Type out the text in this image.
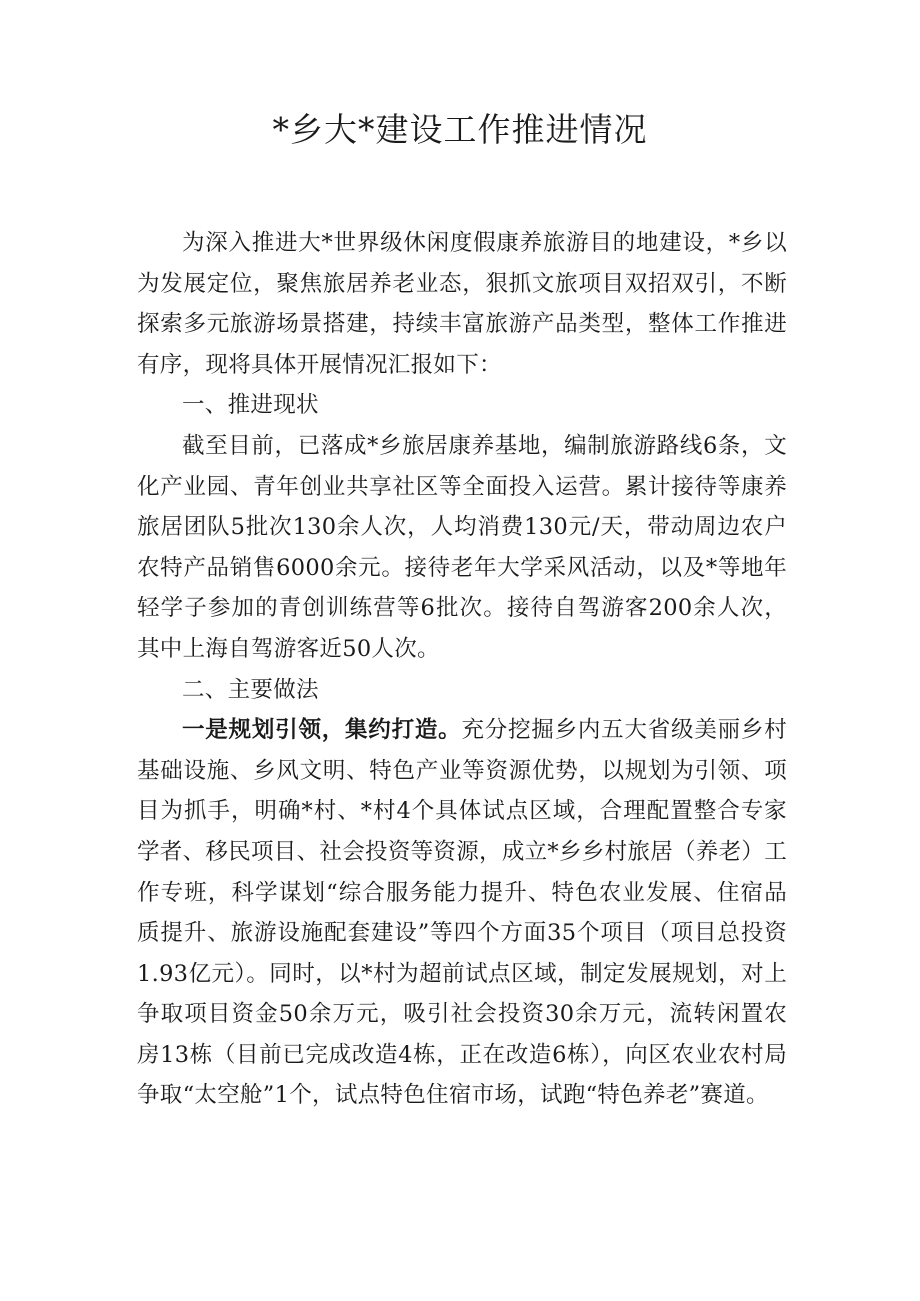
*乡大*建设工作推进情况

为深入推进大*世界级休闲度假康养旅游目的地建设，*乡以为发展定位，聚焦旅居养老业态，狠抓文旅项目双招双引，不断探索多元旅游场景搭建，持续丰富旅游产品类型，整体工作推进有序，现将具体开展情况汇报如下：

一、推进现状

截至目前，已落成*乡旅居康养基地，编制旅游路线6条，文化产业园、青年创业共享社区等全面投入运营。累计接待等康养旅居团队5批次130余人次，人均消费130元/天，带动周边农户农特产品销售6000余元。接待老年大学采风活动，以及*等地年轻学子参加的青创训练营等6批次。接待自驾游客200余人次，其中上海自驾游客近50人次。

二、主要做法

一是规划引领，集约打造。充分挖掘乡内五大省级美丽乡村基础设施、乡风文明、特色产业等资源优势，以规划为引领、项目为抓手，明确*村、*村4个具体试点区域，合理配置整合专家学者、移民项目、社会投资等资源，成立*乡乡村旅居（养老）工作专班，科学谋划“综合服务能力提升、特色农业发展、住宿品质提升、旅游设施配套建设”等四个方面35个项目（项目总投资1.93亿元）。同时，以*村为超前试点区域，制定发展规划，对上争取项目资金50余万元，吸引社会投资30余万元，流转闲置农房13栋（目前已完成改造4栋，正在改造6栋），向区农业农村局争取“太空舱”1个，试点特色住宿市场，试跑“特色养老”赛道。
